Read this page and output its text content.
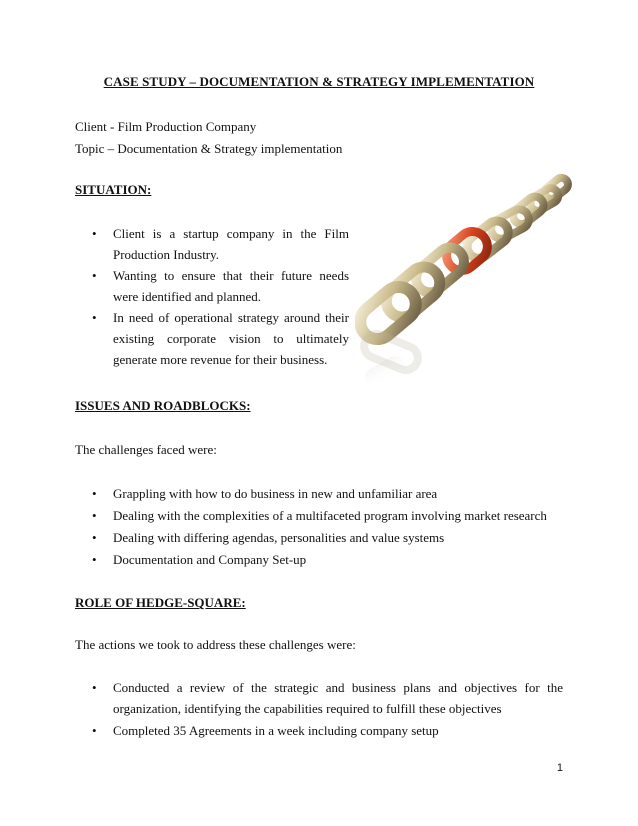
CASE STUDY – DOCUMENTATION & STRATEGY IMPLEMENTATION
Client - Film Production Company
Topic – Documentation & Strategy implementation
SITUATION:
• Client is a startup company in the Film Production Industry.
• Wanting to ensure that their future needs were identified and planned.
• In need of operational strategy around their existing corporate vision to ultimately generate more revenue for their business.
ISSUES AND ROADBLOCKS:
The challenges faced were:
• Grappling with how to do business in new and unfamiliar area
• Dealing with the complexities of a multifaceted program involving market research
• Dealing with differing agendas, personalities and value systems
• Documentation and Company Set-up
ROLE OF HEDGE-SQUARE:
The actions we took to address these challenges were:
• Conducted a review of the strategic and business plans and objectives for the organization, identifying the capabilities required to fulfill these objectives
• Completed 35 Agreements in a week including company setup
1
